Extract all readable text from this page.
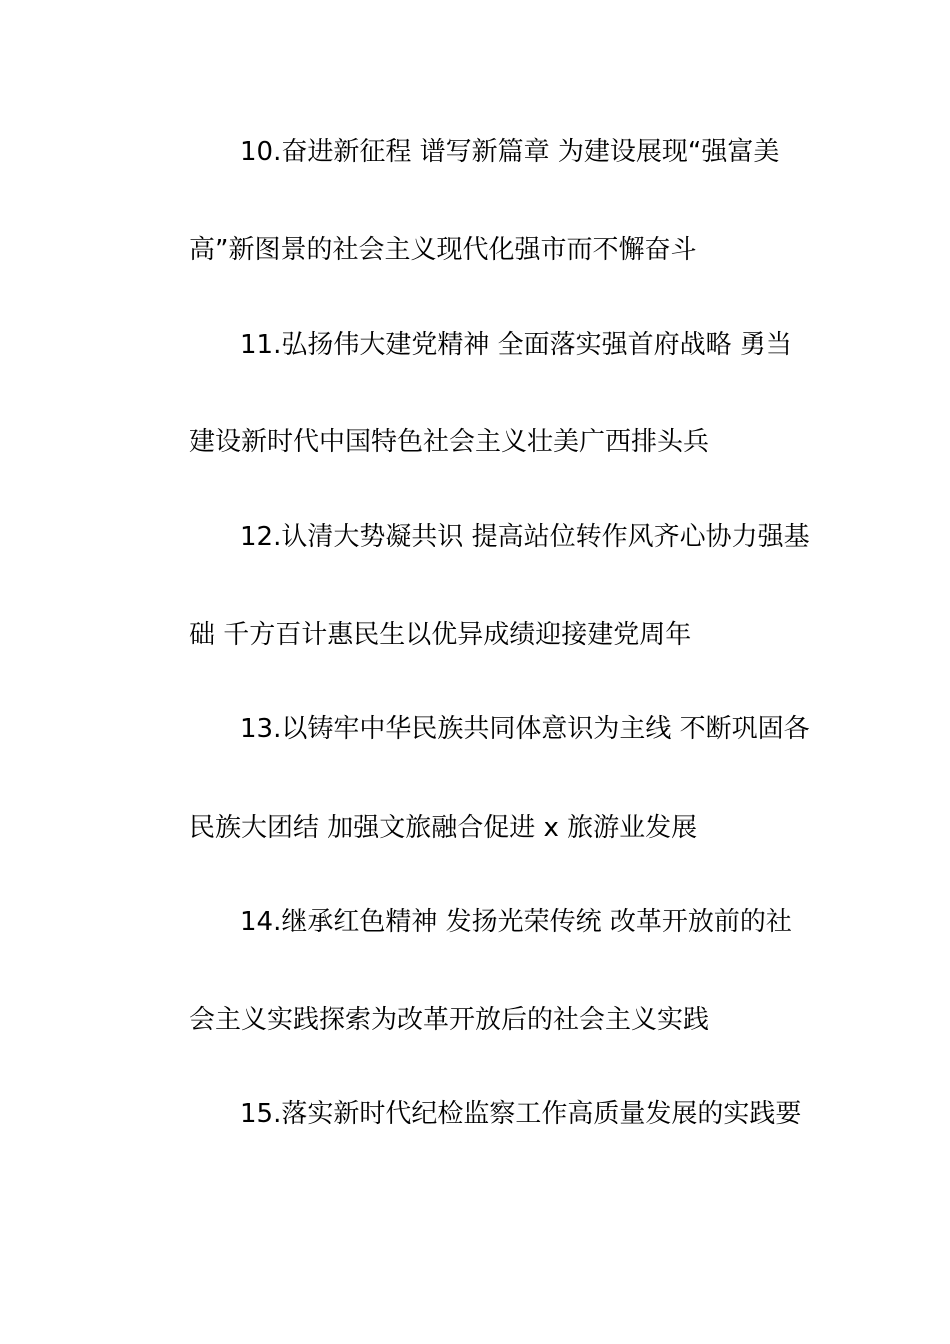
10.奋进新征程 谱写新篇章 为建设展现“强富美
高”新图景的社会主义现代化强市而不懈奋斗
11.弘扬伟大建党精神 全面落实强首府战略 勇当
建设新时代中国特色社会主义壮美广西排头兵
12.认清大势凝共识 提高站位转作风齐心协力强基
础 千方百计惠民生以优异成绩迎接建党周年
13.以铸牢中华民族共同体意识为主线 不断巩固各
民族大团结 加强文旅融合促进 x 旅游业发展
14.继承红色精神 发扬光荣传统 改革开放前的社
会主义实践探索为改革开放后的社会主义实践
15.落实新时代纪检监察工作高质量发展的实践要
